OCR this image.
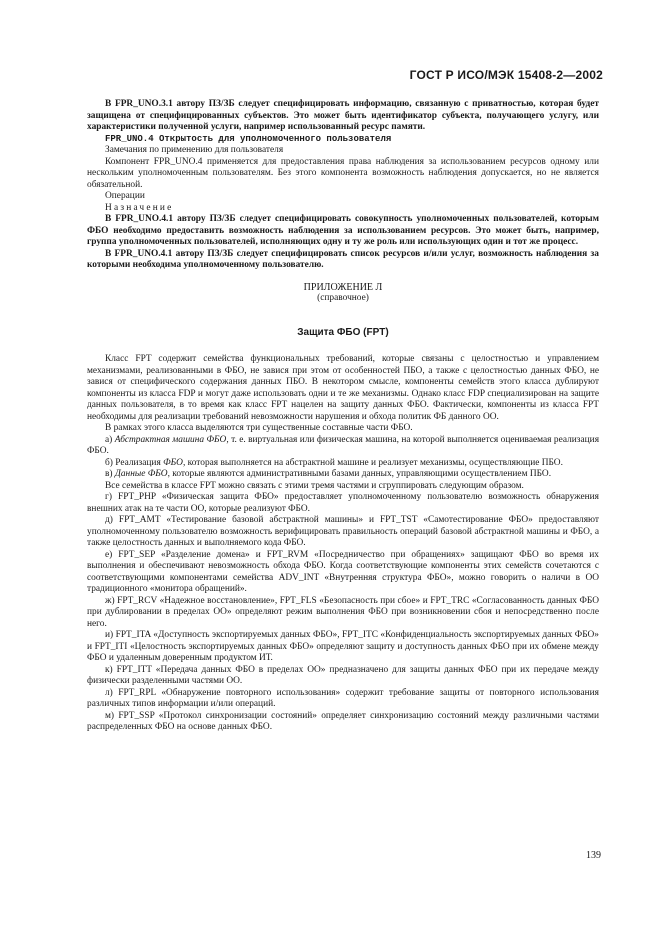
ГОСТ Р ИСО/МЭК 15408-2—2002

В FPR_UNO.3.1 автору ПЗ/ЗБ следует специфицировать информацию, связанную с приватностью, которая будет защищена от специфицированных субъектов. Это может быть идентификатор субъекта, получающего услугу, или характеристики полученной услуги, например использованный ресурс памяти.

FPR_UNO.4 Открытость для уполномоченного пользователя

Замечания по применению для пользователя

Компонент FPR_UNO.4 применяется для предоставления права наблюдения за использованием ресурсов одному или нескольким уполномоченным пользователям. Без этого компонента возможность наблюдения допускается, но не является обязательной.

Операции

Назначение

В FPR_UNO.4.1 автору ПЗ/ЗБ следует специфицировать совокупность уполномоченных пользователей, которым ФБО необходимо предоставить возможность наблюдения за использованием ресурсов. Это может быть, например, группа уполномоченных пользователей, исполняющих одну и ту же роль или использующих один и тот же процесс.

В FPR_UNO.4.1 автору ПЗ/ЗБ следует специфицировать список ресурсов и/или услуг, возможность наблюдения за которыми необходима уполномоченному пользователю.

ПРИЛОЖЕНИЕ Л

(справочное)

Защита ФБО (FPT)

Класс FPT содержит семейства функциональных требований, которые связаны с целостностью и управлением механизмами, реализованными в ФБО, не завися при этом от особенностей ПБО, а также с целостностью данных ФБО, не завися от специфического содержания данных ПБО. В некотором смысле, компоненты семейств этого класса дублируют компоненты из класса FDP и могут даже использовать одни и те же механизмы. Однако класс FDP специализирован на защите данных пользователя, в то время как класс FPT нацелен на защиту данных ФБО. Фактически, компоненты из класса FPT необходимы для реализации требований невозможности нарушения и обхода политик ФБ данного ОО.

В рамках этого класса выделяются три существенные составные части ФБО.

а) Абстрактная машина ФБО, т. е. виртуальная или физическая машина, на которой выполняется оцениваемая реализация ФБО.

б) Реализация ФБО, которая выполняется на абстрактной машине и реализует механизмы, осуществляющие ПБО.

в) Данные ФБО, которые являются административными базами данных, управляющими осуществлением ПБО.

Все семейства в классе FPT можно связать с этими тремя частями и сгруппировать следующим образом.

г) FPT_PHP «Физическая защита ФБО» предоставляет уполномоченному пользователю возможность обнаружения внешних атак на те части ОО, которые реализуют ФБО.

д) FPT_AMT «Тестирование базовой абстрактной машины» и FPT_TST «Самотестирование ФБО» предоставляют уполномоченному пользователю возможность верифицировать правильность операций базовой абстрактной машины и ФБО, а также целостность данных и выполняемого кода ФБО.

е) FPT_SEP «Разделение домена» и FPT_RVM «Посредничество при обращениях» защищают ФБО во время их выполнения и обеспечивают невозможность обхода ФБО. Когда соответствующие компоненты этих семейств сочетаются с соответствующими компонентами семейства ADV_INT «Внутренняя структура ФБО», можно говорить о наличи в ОО традиционного «монитора обращений».

ж) FPT_RCV «Надежное восстановление», FPT_FLS «Безопасность при сбое» и FPT_TRC «Согласованность данных ФБО при дублировании в пределах ОО» определяют режим выполнения ФБО при возникновении сбоя и непосредственно после него.

и) FPT_ITA «Доступность экспортируемых данных ФБО», FPT_ITC «Конфиденциальность экспортируемых данных ФБО» и FPT_ITI «Целостность экспортируемых данных ФБО» определяют защиту и доступность данных ФБО при их обмене между ФБО и удаленным доверенным продуктом ИТ.

к) FPT_ITT «Передача данных ФБО в пределах ОО» предназначено для защиты данных ФБО при их передаче между физически разделенными частями ОО.

л) FPT_RPL «Обнаружение повторного использования» содержит требование защиты от повторного использования различных типов информации и/или операций.

м) FPT_SSP «Протокол синхронизации состояний» определяет синхронизацию состояний между различными частями распределенных ФБО на основе данных ФБО.

139
